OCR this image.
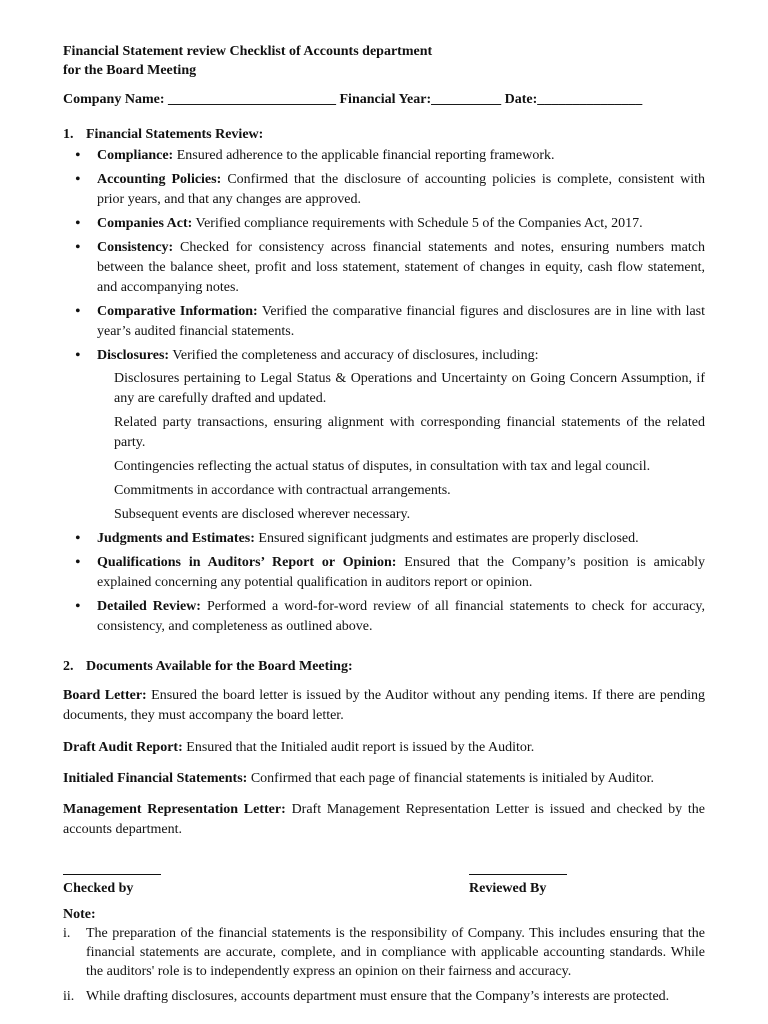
Financial Statement review Checklist of Accounts department
for the Board Meeting
Company Name: ________________________ Financial Year:__________ Date:_______________
1. Financial Statements Review:
• Compliance: Ensured adherence to the applicable financial reporting framework.
• Accounting Policies: Confirmed that the disclosure of accounting policies is complete, consistent with prior years, and that any changes are approved.
• Companies Act: Verified compliance requirements with Schedule 5 of the Companies Act, 2017.
• Consistency: Checked for consistency across financial statements and notes, ensuring numbers match between the balance sheet, profit and loss statement, statement of changes in equity, cash flow statement, and accompanying notes.
• Comparative Information: Verified the comparative financial figures and disclosures are in line with last year’s audited financial statements.
• Disclosures: Verified the completeness and accuracy of disclosures, including:
Disclosures pertaining to Legal Status & Operations and Uncertainty on Going Concern Assumption, if any are carefully drafted and updated.
Related party transactions, ensuring alignment with corresponding financial statements of the related party.
Contingencies reflecting the actual status of disputes, in consultation with tax and legal council.
Commitments in accordance with contractual arrangements.
Subsequent events are disclosed wherever necessary.
• Judgments and Estimates: Ensured significant judgments and estimates are properly disclosed.
• Qualifications in Auditors’ Report or Opinion: Ensured that the Company’s position is amicably explained concerning any potential qualification in auditors report or opinion.
• Detailed Review: Performed a word-for-word review of all financial statements to check for accuracy, consistency, and completeness as outlined above.
2. Documents Available for the Board Meeting:
Board Letter: Ensured the board letter is issued by the Auditor without any pending items. If there are pending documents, they must accompany the board letter.
Draft Audit Report: Ensured that the Initialed audit report is issued by the Auditor.
Initialed Financial Statements: Confirmed that each page of financial statements is initialed by Auditor.
Management Representation Letter: Draft Management Representation Letter is issued and checked by the accounts department.
Checked by	Reviewed By
Note:
i. The preparation of the financial statements is the responsibility of Company. This includes ensuring that the financial statements are accurate, complete, and in compliance with applicable accounting standards. While the auditors' role is to independently express an opinion on their fairness and accuracy.
ii. While drafting disclosures, accounts department must ensure that the Company’s interests are protected.
